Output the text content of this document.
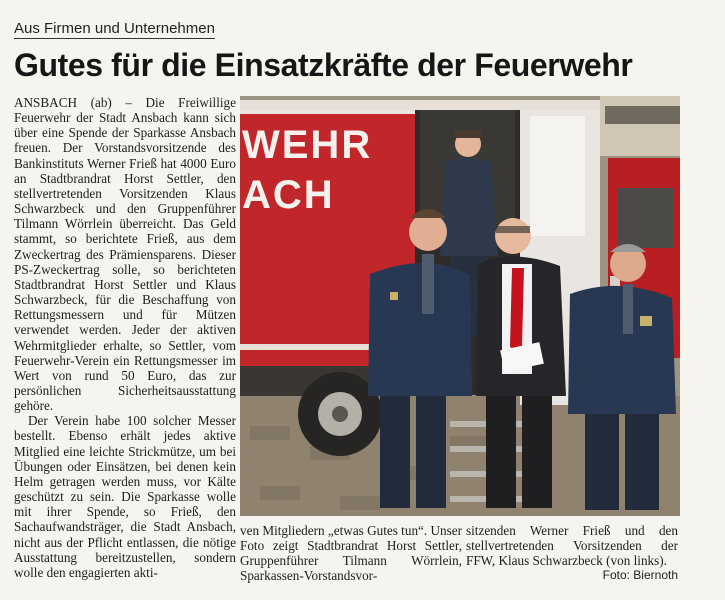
Aus Firmen und Unternehmen
Gutes für die Einsatzkräfte der Feuerwehr

ANSBACH (ab) – Die Freiwillige Feuerwehr der Stadt Ansbach kann sich über eine Spende der Sparkasse Ansbach freuen. Der Vorstandsvorsitzende des Bankinstituts Werner Frieß hat 4000 Euro an Stadtbrandrat Horst Settler, den stellvertretenden Vorsitzenden Klaus Schwarzbeck und den Gruppenführer Tilmann Wörrlein überreicht. Das Geld stammt, so berichtete Frieß, aus dem Zweckertrag des Prämiensparens. Dieser PS-Zweckertrag solle, so berichteten Stadtbrandrat Horst Settler und Klaus Schwarzbeck, für die Beschaffung von Rettungsmessern und für Mützen verwendet werden. Jeder der aktiven Wehrmitglieder erhalte, so Settler, vom Feuerwehr-Verein ein Rettungsmesser im Wert von rund 50 Euro, das zur persönlichen Sicherheitsausstattung gehöre.

Der Verein habe 100 solcher Messer bestellt. Ebenso erhält jedes aktive Mitglied eine leichte Strickmütze, um bei Übungen oder Einsätzen, bei denen kein Helm getragen werden muss, vor Kälte geschützt zu sein. Die Sparkasse wolle mit ihrer Spende, so Frieß, den Sachaufwandsträger, die Stadt Ansbach, nicht aus der Pflicht entlassen, die nötige Ausstattung bereitzustellen, sondern wolle den engagierten akti-

WEHR
ACH

ven Mitgliedern „etwas Gutes tun“. Unser Foto zeigt Stadtbrandrat Horst Settler, Gruppenführer Tilmann Wörrlein, Sparkassen-Vorstandsvor-

sitzenden Werner Frieß und den stellvertretenden Vorsitzenden der FFW, Klaus Schwarzbeck (von links).

Foto: Biernoth
